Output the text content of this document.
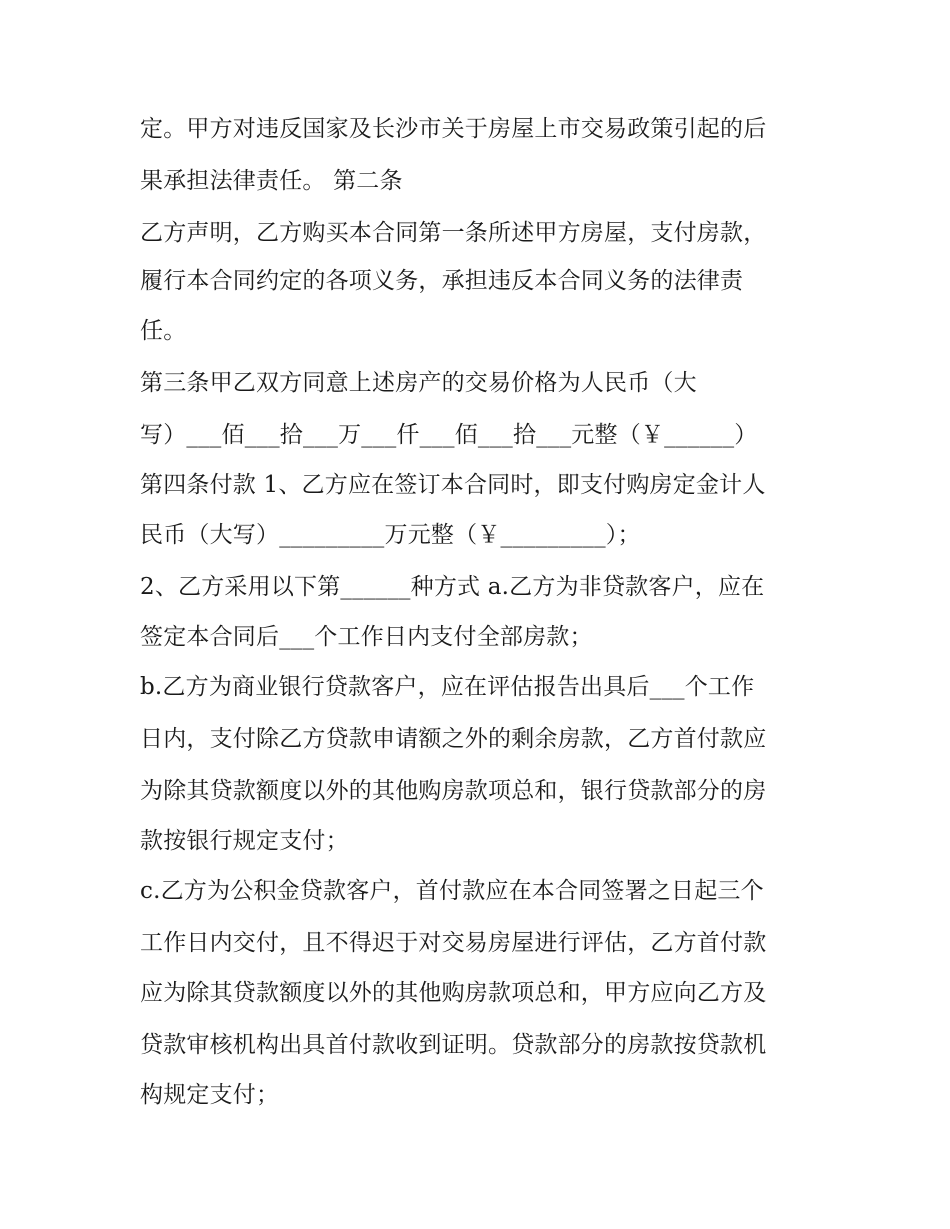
定。甲方对违反国家及长沙市关于房屋上市交易政策引起的后
果承担法律责任。 第二条
乙方声明，乙方购买本合同第一条所述甲方房屋，支付房款，
履行本合同约定的各项义务，承担违反本合同义务的法律责
任。
第三条甲乙双方同意上述房产的交易价格为人民币（大
写）___佰___拾___万___仟___佰___拾___元整（￥______）
第四条付款 1、乙方应在签订本合同时，即支付购房定金计人
民币（大写）_________万元整（￥_________）；
2、乙方采用以下第______种方式 a.乙方为非贷款客户，应在
签定本合同后___个工作日内支付全部房款；
b.乙方为商业银行贷款客户，应在评估报告出具后___个工作
日内，支付除乙方贷款申请额之外的剩余房款，乙方首付款应
为除其贷款额度以外的其他购房款项总和，银行贷款部分的房
款按银行规定支付；
c.乙方为公积金贷款客户，首付款应在本合同签署之日起三个
工作日内交付，且不得迟于对交易房屋进行评估，乙方首付款
应为除其贷款额度以外的其他购房款项总和，甲方应向乙方及
贷款审核机构出具首付款收到证明。贷款部分的房款按贷款机
构规定支付；
